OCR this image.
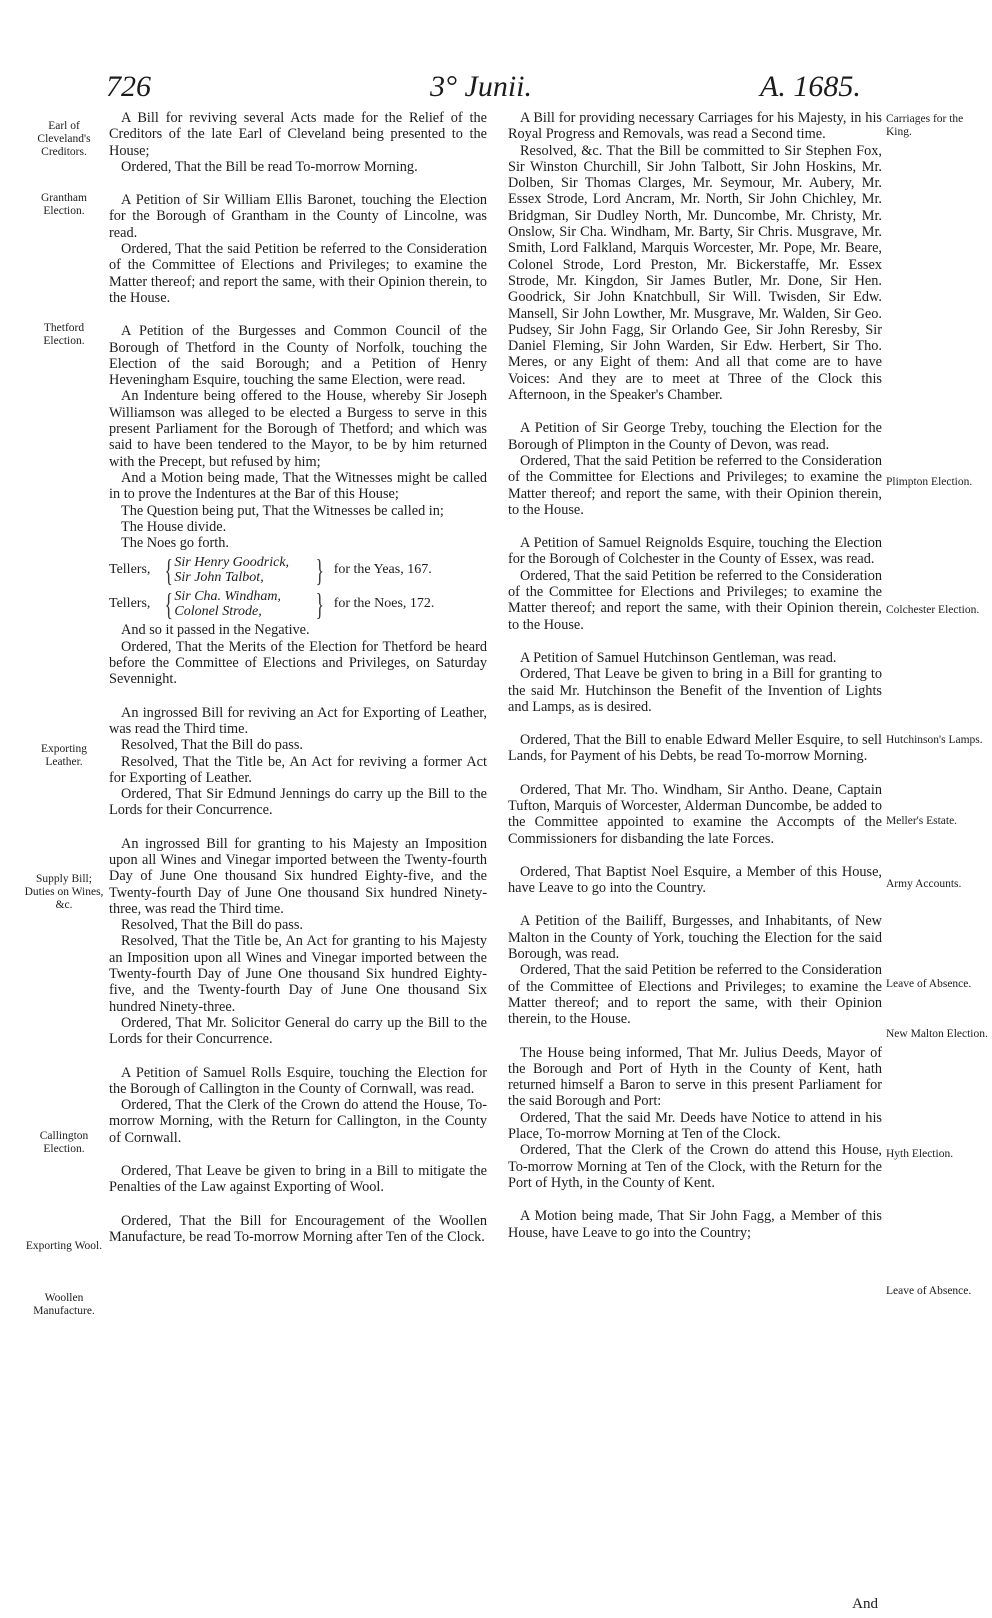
726	3° Junii.	A. 1685.
Earl of Cleveland's Creditors.
Grantham Election.
Thetford Election.
Exporting Leather.
Supply Bill; Duties on Wines, &c.
Callington Election.
Exporting Wool.
Woollen Manufacture.
Carriages for the King.
Plimpton Election.
Colchester Election.
Hutchinson's Lamps.
Meller's Estate.
Army Accounts.
Leave of Absence.
New Malton Election.
Hyth Election.
Leave of Absence.

A Bill for reviving several Acts made for the Relief of the Creditors of the late Earl of Cleveland being presented to the House;

Ordered, That the Bill be read To-morrow Morning.

A Petition of Sir William Ellis Baronet, touching the Election for the Borough of Grantham in the County of Lincolne, was read.

Ordered, That the said Petition be referred to the Consideration of the Committee of Elections and Privileges; to examine the Matter thereof; and report the same, with their Opinion therein, to the House.

A Petition of the Burgesses and Common Council of the Borough of Thetford in the County of Norfolk, touching the Election of the said Borough; and a Petition of Henry Heveningham Esquire, touching the same Election, were read.

An Indenture being offered to the House, whereby Sir Joseph Williamson was alleged to be elected a Burgess to serve in this present Parliament for the Borough of Thetford; and which was said to have been tendered to the Mayor, to be by him returned with the Precept, but refused by him;

And a Motion being made, That the Witnesses might be called in to prove the Indentures at the Bar of this House;

The Question being put, That the Witnesses be called in;

The House divide.

The Noes go forth.

Tellers, { Sir Henry Goodrick,
Sir John Talbot,	} for the Yeas, 167.
Tellers, { Sir Cha. Windham,
Colonel Strode,	} for the Noes, 172.

And so it passed in the Negative.

Ordered, That the Merits of the Election for Thetford be heard before the Committee of Elections and Privileges, on Saturday Sevennight.

An ingrossed Bill for reviving an Act for Exporting of Leather, was read the Third time.

Resolved, That the Bill do pass.

Resolved, That the Title be, An Act for reviving a former Act for Exporting of Leather.

Ordered, That Sir Edmund Jennings do carry up the Bill to the Lords for their Concurrence.

An ingrossed Bill for granting to his Majesty an Imposition upon all Wines and Vinegar imported between the Twenty-fourth Day of June One thousand Six hundred Eighty-five, and the Twenty-fourth Day of June One thousand Six hundred Ninety-three, was read the Third time.

Resolved, That the Bill do pass.

Resolved, That the Title be, An Act for granting to his Majesty an Imposition upon all Wines and Vinegar imported between the Twenty-fourth Day of June One thousand Six hundred Eighty-five, and the Twenty-fourth Day of June One thousand Six hundred Ninety-three.

Ordered, That Mr. Solicitor General do carry up the Bill to the Lords for their Concurrence.

A Petition of Samuel Rolls Esquire, touching the Election for the Borough of Callington in the County of Cornwall, was read.

Ordered, That the Clerk of the Crown do attend the House, To-morrow Morning, with the Return for Callington, in the County of Cornwall.

Ordered, That Leave be given to bring in a Bill to mitigate the Penalties of the Law against Exporting of Wool.

Ordered, That the Bill for Encouragement of the Woollen Manufacture, be read To-morrow Morning after Ten of the Clock.

A Bill for providing necessary Carriages for his Majesty, in his Royal Progress and Removals, was read a Second time.

Resolved, &c. That the Bill be committed to Sir Stephen Fox, Sir Winston Churchill, Sir John Talbott, Sir John Hoskins, Mr. Dolben, Sir Thomas Clarges, Mr. Seymour, Mr. Aubery, Mr. Essex Strode, Lord Ancram, Mr. North, Sir John Chichley, Mr. Bridgman, Sir Dudley North, Mr. Duncombe, Mr. Christy, Mr. Onslow, Sir Cha. Windham, Mr. Barty, Sir Chris. Musgrave, Mr. Smith, Lord Falkland, Marquis Worcester, Mr. Pope, Mr. Beare, Colonel Strode, Lord Preston, Mr. Bickerstaffe, Mr. Essex Strode, Mr. Kingdon, Sir James Butler, Mr. Done, Sir Hen. Goodrick, Sir John Knatchbull, Sir Will. Twisden, Sir Edw. Mansell, Sir John Lowther, Mr. Musgrave, Mr. Walden, Sir Geo. Pudsey, Sir John Fagg, Sir Orlando Gee, Sir John Reresby, Sir Daniel Fleming, Sir John Warden, Sir Edw. Herbert, Sir Tho. Meres, or any Eight of them: And all that come are to have Voices: And they are to meet at Three of the Clock this Afternoon, in the Speaker's Chamber.

A Petition of Sir George Treby, touching the Election for the Borough of Plimpton in the County of Devon, was read.

Ordered, That the said Petition be referred to the Consideration of the Committee for Elections and Privileges; to examine the Matter thereof; and report the same, with their Opinion therein, to the House.

A Petition of Samuel Reignolds Esquire, touching the Election for the Borough of Colchester in the County of Essex, was read.

Ordered, That the said Petition be referred to the Consideration of the Committee for Elections and Privileges; to examine the Matter thereof; and report the same, with their Opinion therein, to the House.

A Petition of Samuel Hutchinson Gentleman, was read.

Ordered, That Leave be given to bring in a Bill for granting to the said Mr. Hutchinson the Benefit of the Invention of Lights and Lamps, as is desired.

Ordered, That the Bill to enable Edward Meller Esquire, to sell Lands, for Payment of his Debts, be read To-morrow Morning.

Ordered, That Mr. Tho. Windham, Sir Antho. Deane, Captain Tufton, Marquis of Worcester, Alderman Duncombe, be added to the Committee appointed to examine the Accompts of the Commissioners for disbanding the late Forces.

Ordered, That Baptist Noel Esquire, a Member of this House, have Leave to go into the Country.

A Petition of the Bailiff, Burgesses, and Inhabitants, of New Malton in the County of York, touching the Election for the said Borough, was read.

Ordered, That the said Petition be referred to the Consideration of the Committee of Elections and Privileges; to examine the Matter thereof; and to report the same, with their Opinion therein, to the House.

The House being informed, That Mr. Julius Deeds, Mayor of the Borough and Port of Hyth in the County of Kent, hath returned himself a Baron to serve in this present Parliament for the said Borough and Port:

Ordered, That the said Mr. Deeds have Notice to attend in his Place, To-morrow Morning at Ten of the Clock.

Ordered, That the Clerk of the Crown do attend this House, To-morrow Morning at Ten of the Clock, with the Return for the Port of Hyth, in the County of Kent.

A Motion being made, That Sir John Fagg, a Member of this House, have Leave to go into the Country;

And
